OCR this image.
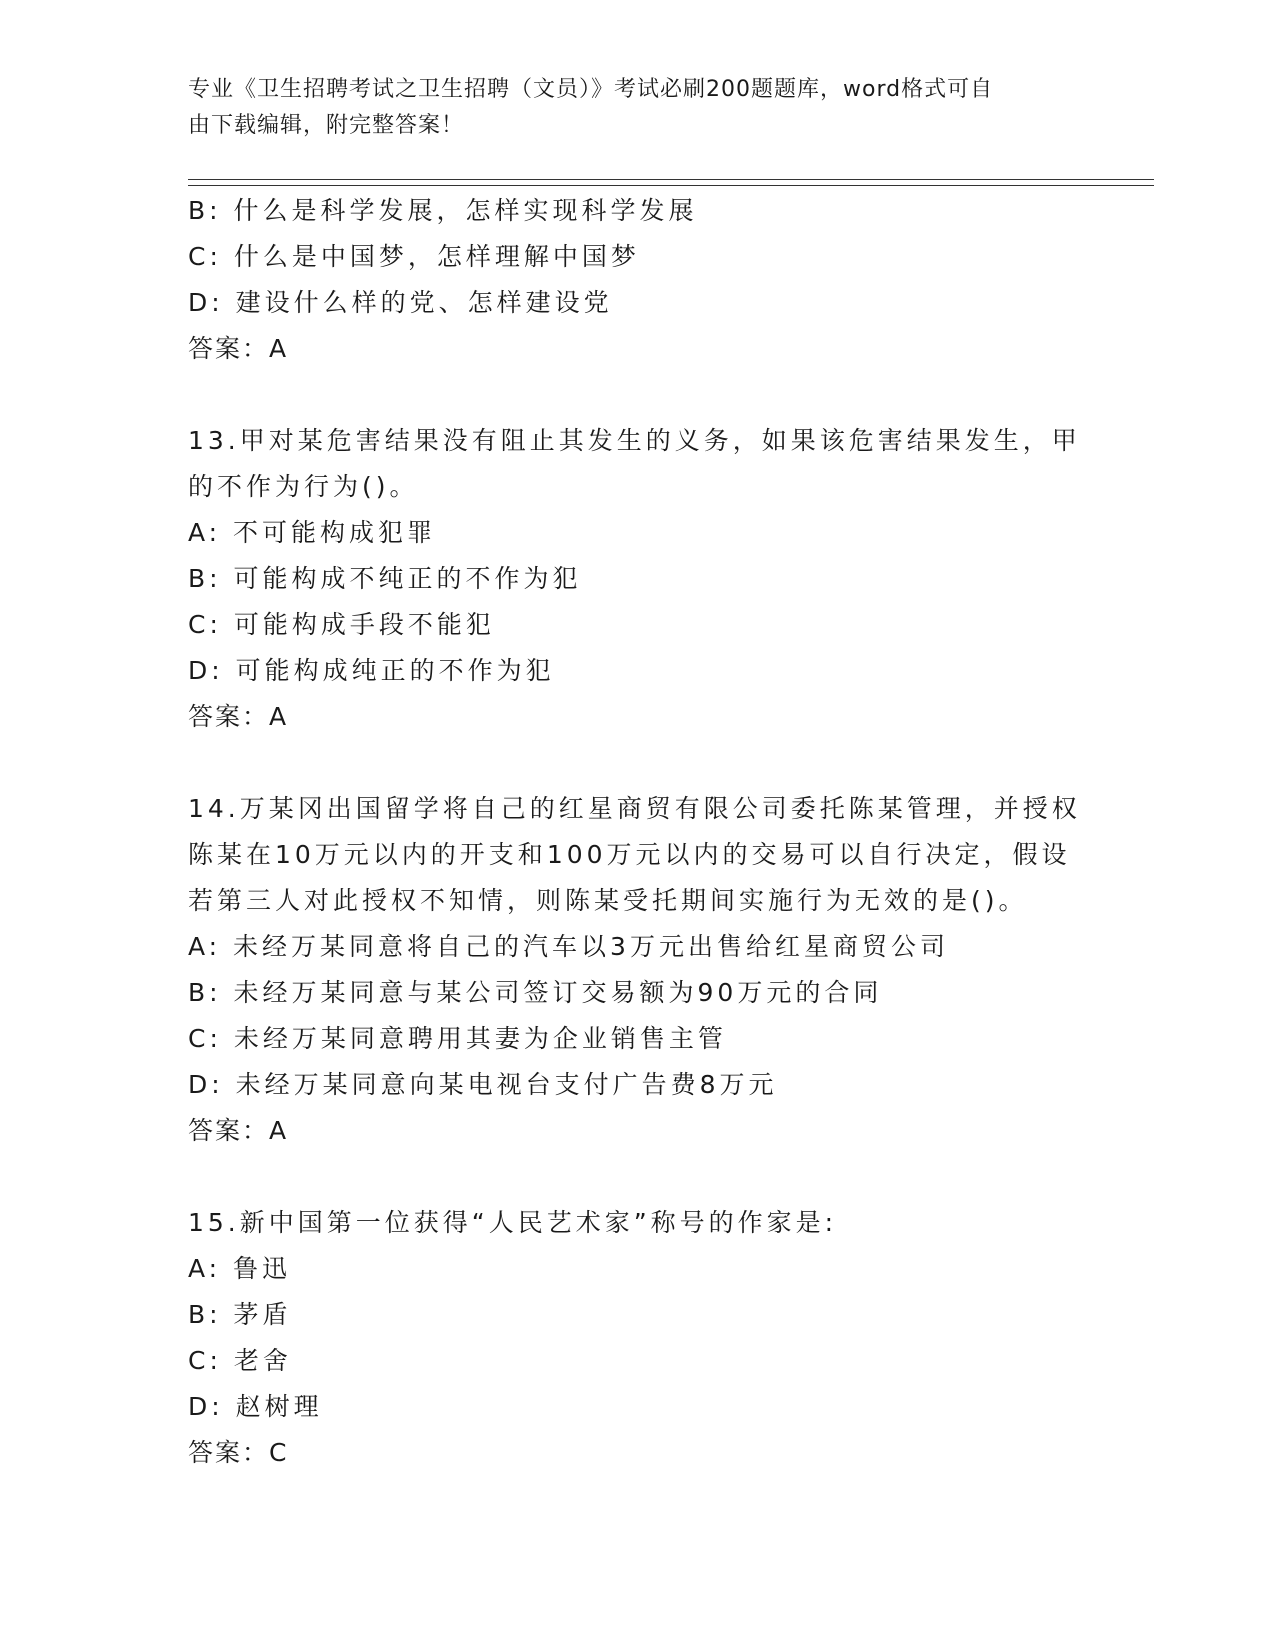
专业《卫生招聘考试之卫生招聘（文员）》考试必刷200题题库，word格式可自
由下载编辑，附完整答案！
B: 什么是科学发展，怎样实现科学发展
C: 什么是中国梦，怎样理解中国梦
D: 建设什么样的党、怎样建设党
答案：A
13.甲对某危害结果没有阻止其发生的义务，如果该危害结果发生，甲
的不作为行为()。
A: 不可能构成犯罪
B: 可能构成不纯正的不作为犯
C: 可能构成手段不能犯
D: 可能构成纯正的不作为犯
答案：A
14.万某冈出国留学将自己的红星商贸有限公司委托陈某管理，并授权
陈某在10万元以内的开支和100万元以内的交易可以自行决定，假设
若第三人对此授权不知情，则陈某受托期间实施行为无效的是()。
A: 未经万某同意将自己的汽车以3万元出售给红星商贸公司
B: 未经万某同意与某公司签订交易额为90万元的合同
C: 未经万某同意聘用其妻为企业销售主管
D: 未经万某同意向某电视台支付广告费8万元
答案：A
15.新中国第一位获得“人民艺术家”称号的作家是:
A: 鲁迅
B: 茅盾
C: 老舍
D: 赵树理
答案：C
